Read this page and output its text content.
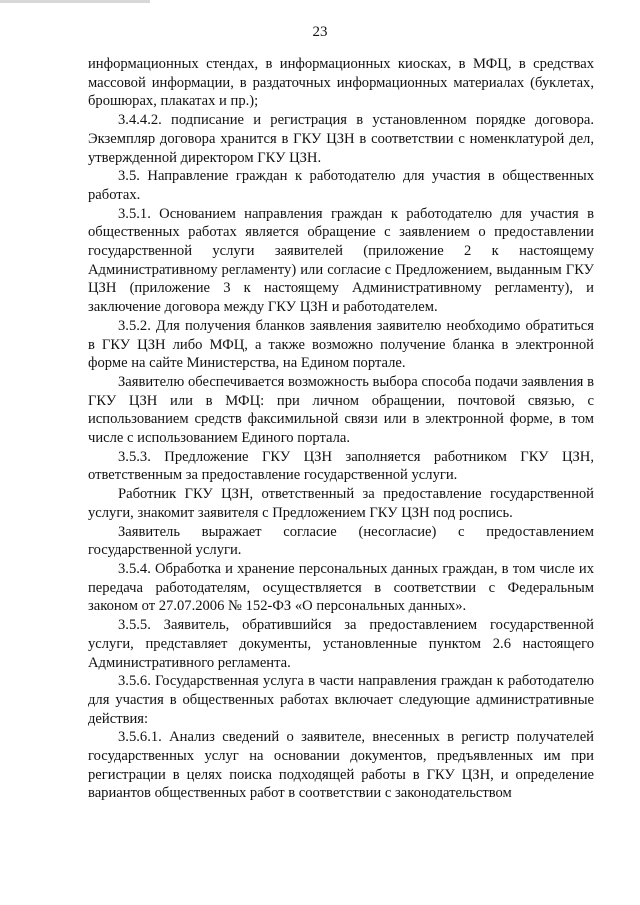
23

информационных стендах, в информационных киосках, в МФЦ, в средствах массовой информации, в раздаточных информационных материалах (буклетах, брошюрах, плакатах и пр.);

3.4.4.2. подписание и регистрация в установленном порядке договора. Экземпляр договора хранится в ГКУ ЦЗН в соответствии с номенклатурой дел, утвержденной директором ГКУ ЦЗН.

3.5. Направление граждан к работодателю для участия в общественных работах.

3.5.1. Основанием направления граждан к работодателю для участия в общественных работах является обращение с заявлением о предоставлении государственной услуги заявителей (приложение 2 к настоящему Административному регламенту) или согласие с Предложением, выданным ГКУ ЦЗН (приложение 3 к настоящему Административному регламенту), и заключение договора между ГКУ ЦЗН и работодателем.

3.5.2. Для получения бланков заявления заявителю необходимо обратиться в ГКУ ЦЗН либо МФЦ, а также возможно получение бланка в электронной форме на сайте Министерства, на Едином портале.

Заявителю обеспечивается возможность выбора способа подачи заявления в ГКУ ЦЗН или в МФЦ: при личном обращении, почтовой связью, с использованием средств факсимильной связи или в электронной форме, в том числе с использованием Единого портала.

3.5.3. Предложение ГКУ ЦЗН заполняется работником ГКУ ЦЗН, ответственным за предоставление государственной услуги.

Работник ГКУ ЦЗН, ответственный за предоставление государственной услуги, знакомит заявителя с Предложением ГКУ ЦЗН под роспись.

Заявитель выражает согласие (несогласие) с предоставлением государственной услуги.

3.5.4. Обработка и хранение персональных данных граждан, в том числе их передача работодателям, осуществляется в соответствии с Федеральным законом от 27.07.2006 № 152-ФЗ «О персональных данных».

3.5.5. Заявитель, обратившийся за предоставлением государственной услуги, представляет документы, установленные пунктом 2.6 настоящего Административного регламента.

3.5.6. Государственная услуга в части направления граждан к работодателю для участия в общественных работах включает следующие административные действия:

3.5.6.1. Анализ сведений о заявителе, внесенных в регистр получателей государственных услуг на основании документов, предъявленных им при регистрации в целях поиска подходящей работы в ГКУ ЦЗН, и определение вариантов общественных работ в соответствии с законодательством
